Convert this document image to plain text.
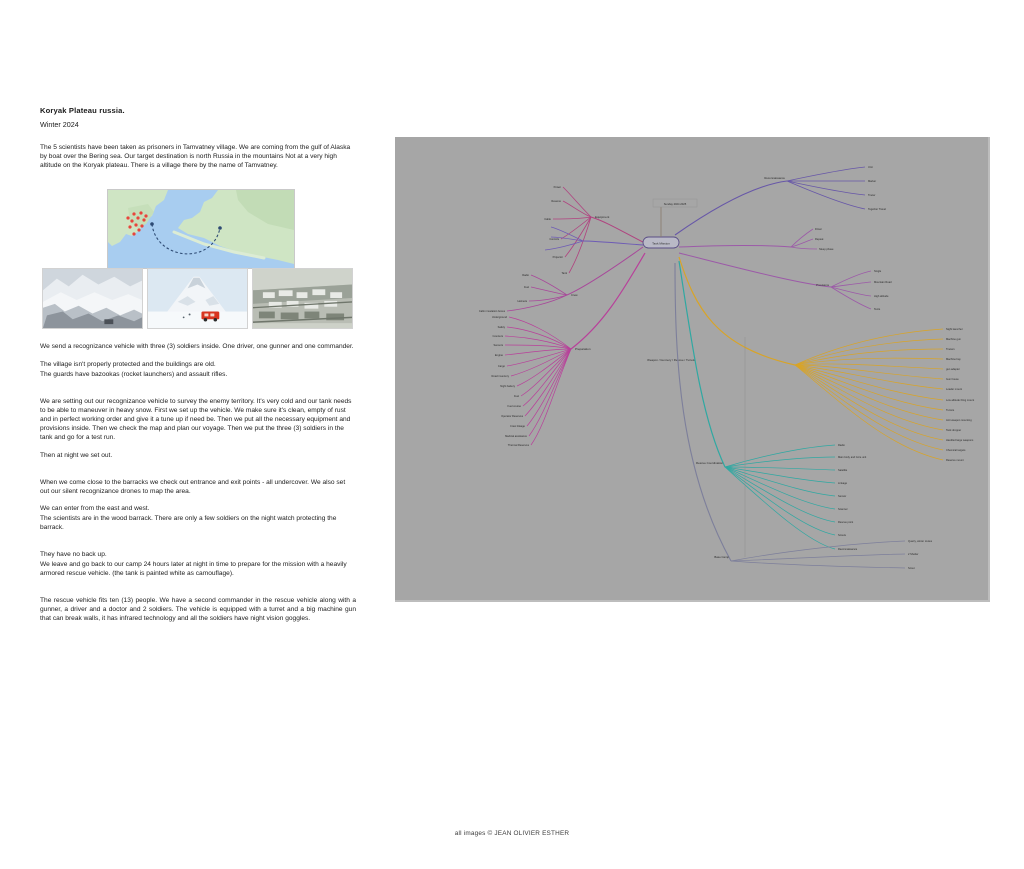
Koryak Plateau russia.
Winter 2024
The 5 scientists have been taken as prisoners in Tamvatney village. We are coming from the gulf of Alaska by boat over the Bering sea. Our target destination is north Russia in the mountains Not at a very high altitude on the Koryak plateau. There is a village there by the name of Tamvatney.
We send a recognizance vehicle with three (3) soldiers inside. One driver, one gunner and one commander.
The village isn't properly protected and the buildings are old.
The guards have bazookas (rocket launchers) and assault rifles.
We are setting out our recognizance vehicle to survey the enemy territory. It's very cold and our tank needs to be able to maneuver in heavy snow. First we set up the vehicle. We make sure it's clean, empty of rust and in perfect working order and give it a tune up if need be. Then we put all the necessary equipment and provisions inside. Then we check the map and plan our voyage. Then we put the three (3) soldiers in the tank and go for a test run.
Then at night we set out.
When we come close to the barracks we check out entrance and exit points - all undercover. We also set out our silent recognizance drones to map the area.
We can enter from the east and west.
The scientists are in the wood barrack. There are only a few soldiers on the night watch protecting the barrack.
They have no back up.
We leave and go back to our camp 24 hours later at night in time to prepare for the mission with a heavily armored rescue vehicle. (the tank is painted white as camouflage).
The rescue vehicle fits ten (13) people. We have a second commander in the rescue vehicle along with a gunner, a driver and a doctor and 2 soldiers. The vehicle is equipped with a turret and a big machine gun that can break walls, it has infrared technology and all the soldiers have night vision goggles.
Equipment
Power
Reserve
Cable
Controls
Projector
Tank
Crew
Radio
Fuel
Helmets
Cabin insulation boxes
Preparation
Underground
Safety
Counters
Sensors
Engine
Cargo
Road inventory
Night battery
Fuel
Fuel course
Operator Reserves
Crew linkage
Medical assistance
Thermal Reserves
Reconnaissance
Unit
Marker
Tracer
Together Travel
Driver
Repeat
Sleep phase
Provisions
Single
Mountain Road
High altitude
Tents
Weapon / Gunnery / Rescue / Turrets
Night launcher
Machine gun
Tracers
Machine bay
gun adapter
Gun house
Loader mount
Low altitude firing mount
Turrets
Anti weapon mounting
Tank dropper
Handled large weapons
Chemical targets
Reserve mount
Rescue Coordination
Radio
Main body and Core unit
Satellite
Linkage
Sensor
Scanner
Rescue point
Scouts
Reconnaissance
Base Camp
Quarry, winter routes
2 Shelter
Scout
Task Mission
Sunday 2024 2025
all images © JEAN OLIVIER ESTHER
